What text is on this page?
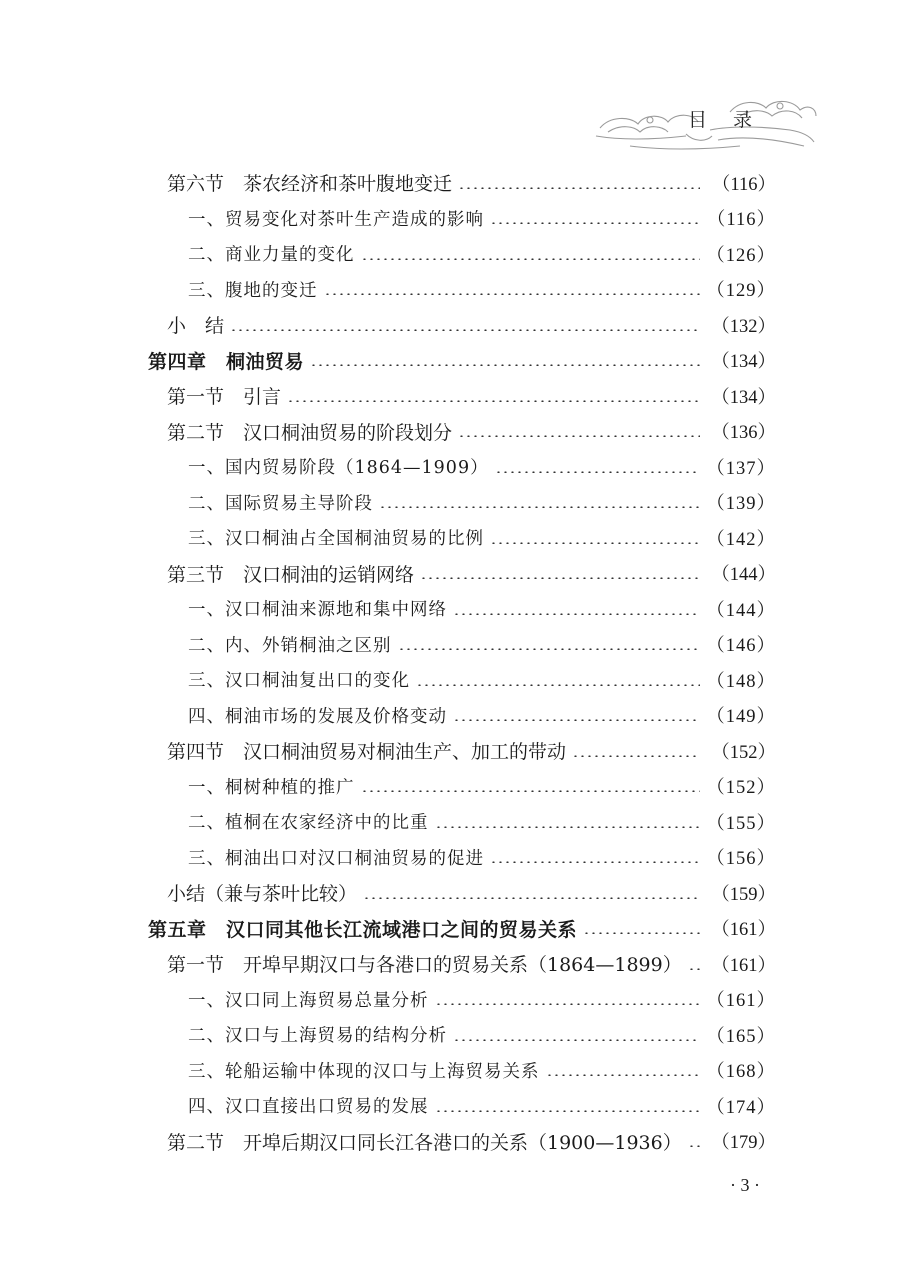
目录
第六节　茶农经济和茶叶腹地变迁	（116）
一、贸易变化对茶叶生产造成的影响	（116）
二、商业力量的变化	（126）
三、腹地的变迁	（129）
小　结	（132）
第四章　桐油贸易	（134）
第一节　引言	（134）
第二节　汉口桐油贸易的阶段划分	（136）
一、国内贸易阶段（1864—1909）	（137）
二、国际贸易主导阶段	（139）
三、汉口桐油占全国桐油贸易的比例	（142）
第三节　汉口桐油的运销网络	（144）
一、汉口桐油来源地和集中网络	（144）
二、内、外销桐油之区别	（146）
三、汉口桐油复出口的变化	（148）
四、桐油市场的发展及价格变动	（149）
第四节　汉口桐油贸易对桐油生产、加工的带动	（152）
一、桐树种植的推广	（152）
二、植桐在农家经济中的比重	（155）
三、桐油出口对汉口桐油贸易的促进	（156）
小结（兼与茶叶比较）	（159）
第五章　汉口同其他长江流域港口之间的贸易关系	（161）
第一节　开埠早期汉口与各港口的贸易关系（1864—1899） （161）
一、汉口同上海贸易总量分析	（161）
二、汉口与上海贸易的结构分析	（165）
三、轮船运输中体现的汉口与上海贸易关系	（168）
四、汉口直接出口贸易的发展	（174）
第二节　开埠后期汉口同长江各港口的关系（1900—1936） （179）
· 3 ·
